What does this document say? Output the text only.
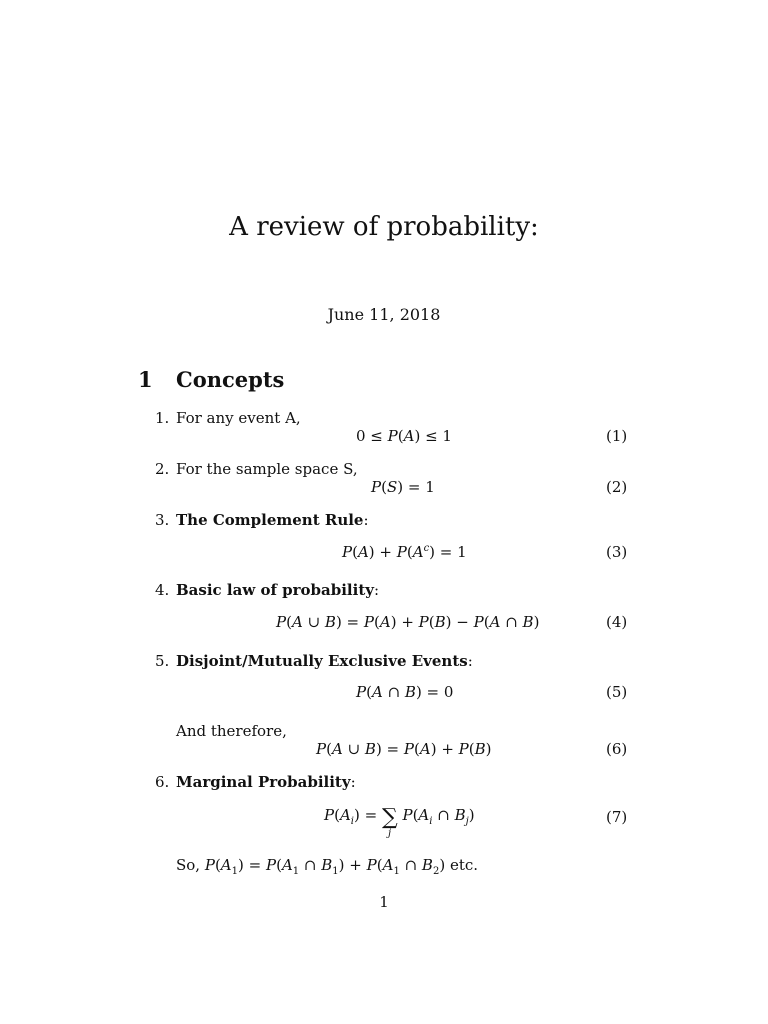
A review of probability:
June 11, 2018
1 Concepts
1. For any event A,
0 ≤ P(A) ≤ 1	(1)
2. For the sample space S,
P(S) = 1	(2)
3. The Complement Rule:
$P(A) + P(A^c) = 1$	(3)
4. Basic law of probability:
P(A ∪ B) = P(A) + P(B) − P(A ∩ B)	(4)
5. Disjoint/Mutually Exclusive Events:
P(A ∩ B) = 0	(5)
And therefore,
P(A ∪ B) = P(A) + P(B)	(6)
6. Marginal Probability:
$P(A_i)$ = ∑
j
$P(A_i$ ∩ $B_j$)	(7)
So, $P(A_1) = P(A_1$ ∩ $B_1) + P(A_1$ ∩ $B_2$) etc.
1
